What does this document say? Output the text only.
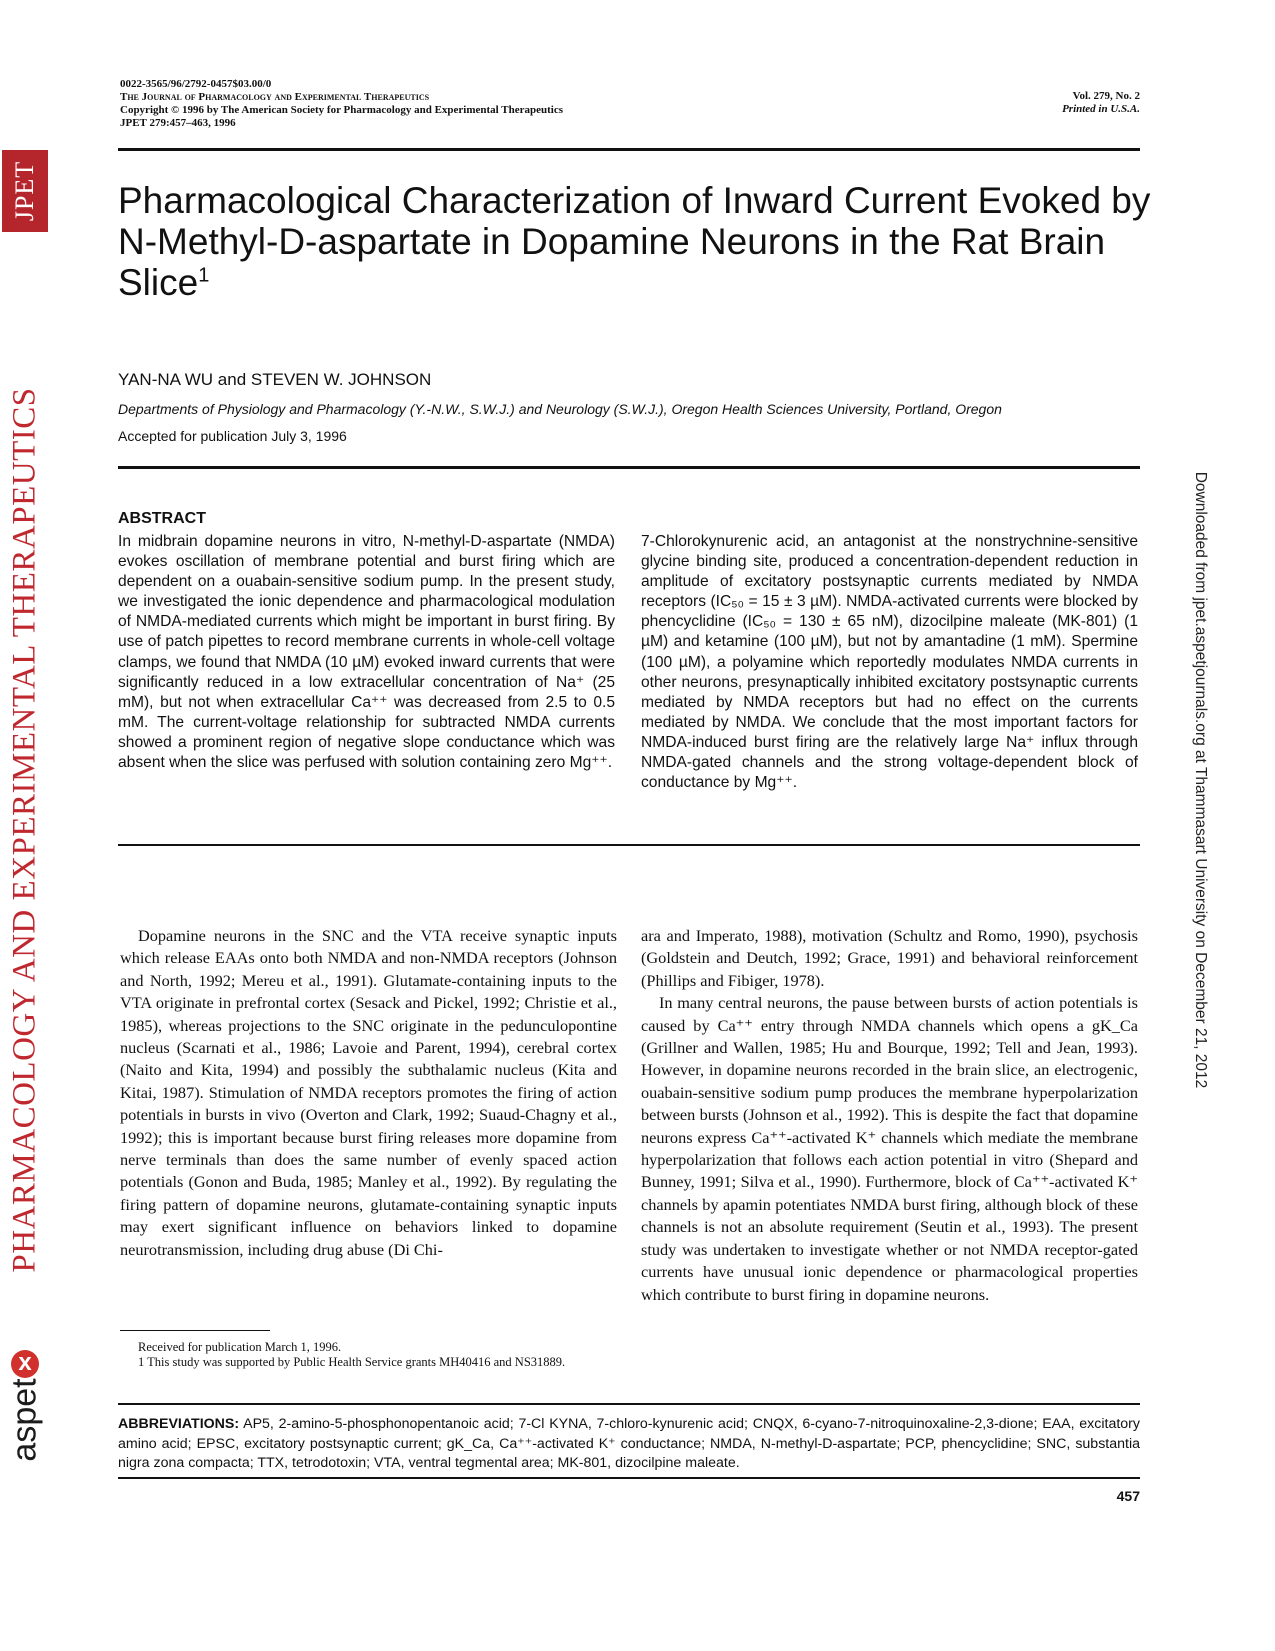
JPET
PHARMACOLOGY AND EXPERIMENTAL THERAPEUTICS
x
aspet
Downloaded from jpet.aspetjournals.org at Thammasart University on December 21, 2012
0022-3565/96/2792-0457$03.00/0
The Journal of Pharmacology and Experimental Therapeutics
Copyright © 1996 by The American Society for Pharmacology and Experimental Therapeutics
JPET 279:457–463, 1996
Vol. 279, No. 2
Printed in U.S.A.
Pharmacological Characterization of Inward Current Evoked by N-Methyl-D-aspartate in Dopamine Neurons in the Rat Brain Slice$^1$
YAN-NA WU and STEVEN W. JOHNSON
Departments of Physiology and Pharmacology (Y.-N.W., S.W.J.) and Neurology (S.W.J.), Oregon Health Sciences University, Portland, Oregon
Accepted for publication July 3, 1996
ABSTRACT
In midbrain dopamine neurons in vitro, N-methyl-D-aspartate (NMDA) evokes oscillation of membrane potential and burst firing which are dependent on a ouabain-sensitive sodium pump. In the present study, we investigated the ionic dependence and pharmacological modulation of NMDA-mediated currents which might be important in burst firing. By use of patch pipettes to record membrane currents in whole-cell voltage clamps, we found that NMDA (10 µM) evoked inward currents that were significantly reduced in a low extracellular concentration of Na⁺ (25 mM), but not when extracellular Ca⁺⁺ was decreased from 2.5 to 0.5 mM. The current-voltage relationship for subtracted NMDA currents showed a prominent region of negative slope conductance which was absent when the slice was perfused with solution containing zero Mg⁺⁺.
7-Chlorokynurenic acid, an antagonist at the nonstrychnine-sensitive glycine binding site, produced a concentration-dependent reduction in amplitude of excitatory postsynaptic currents mediated by NMDA receptors (IC₅₀ = 15 ± 3 µM). NMDA-activated currents were blocked by phencyclidine (IC₅₀ = 130 ± 65 nM), dizocilpine maleate (MK-801) (1 µM) and ketamine (100 µM), but not by amantadine (1 mM). Spermine (100 µM), a polyamine which reportedly modulates NMDA currents in other neurons, presynaptically inhibited excitatory postsynaptic currents mediated by NMDA receptors but had no effect on the currents mediated by NMDA. We conclude that the most important factors for NMDA-induced burst firing are the relatively large Na⁺ influx through NMDA-gated channels and the strong voltage-dependent block of conductance by Mg⁺⁺.

Dopamine neurons in the SNC and the VTA receive synaptic inputs which release EAAs onto both NMDA and non-NMDA receptors (Johnson and North, 1992; Mereu et al., 1991). Glutamate-containing inputs to the VTA originate in prefrontal cortex (Sesack and Pickel, 1992; Christie et al., 1985), whereas projections to the SNC originate in the pedunculopontine nucleus (Scarnati et al., 1986; Lavoie and Parent, 1994), cerebral cortex (Naito and Kita, 1994) and possibly the subthalamic nucleus (Kita and Kitai, 1987). Stimulation of NMDA receptors promotes the firing of action potentials in bursts in vivo (Overton and Clark, 1992; Suaud-Chagny et al., 1992); this is important because burst firing releases more dopamine from nerve terminals than does the same number of evenly spaced action potentials (Gonon and Buda, 1985; Manley et al., 1992). By regulating the firing pattern of dopamine neurons, glutamate-containing synaptic inputs may exert significant influence on behaviors linked to dopamine neurotransmission, including drug abuse (Di Chi-

ara and Imperato, 1988), motivation (Schultz and Romo, 1990), psychosis (Goldstein and Deutch, 1992; Grace, 1991) and behavioral reinforcement (Phillips and Fibiger, 1978).

In many central neurons, the pause between bursts of action potentials is caused by Ca⁺⁺ entry through NMDA channels which opens a gK_Ca (Grillner and Wallen, 1985; Hu and Bourque, 1992; Tell and Jean, 1993). However, in dopamine neurons recorded in the brain slice, an electrogenic, ouabain-sensitive sodium pump produces the membrane hyperpolarization between bursts (Johnson et al., 1992). This is despite the fact that dopamine neurons express Ca⁺⁺-activated K⁺ channels which mediate the membrane hyperpolarization that follows each action potential in vitro (Shepard and Bunney, 1991; Silva et al., 1990). Furthermore, block of Ca⁺⁺-activated K⁺ channels by apamin potentiates NMDA burst firing, although block of these channels is not an absolute requirement (Seutin et al., 1993). The present study was undertaken to investigate whether or not NMDA receptor-gated currents have unusual ionic dependence or pharmacological properties which contribute to burst firing in dopamine neurons.

Received for publication March 1, 1996.

1 This study was supported by Public Health Service grants MH40416 and NS31889.

ABBREVIATIONS: AP5, 2-amino-5-phosphonopentanoic acid; 7-Cl KYNA, 7-chloro-kynurenic acid; CNQX, 6-cyano-7-nitroquinoxaline-2,3-dione; EAA, excitatory amino acid; EPSC, excitatory postsynaptic current; gK_Ca, Ca⁺⁺-activated K⁺ conductance; NMDA, N-methyl-D-aspartate; PCP, phencyclidine; SNC, substantia nigra zona compacta; TTX, tetrodotoxin; VTA, ventral tegmental area; MK-801, dizocilpine maleate.
457
